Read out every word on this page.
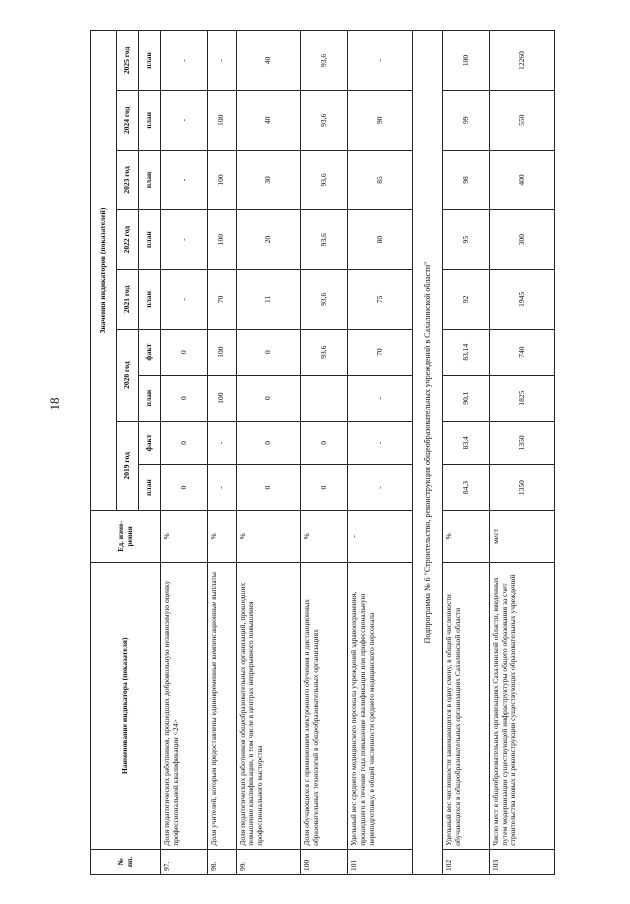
18
№ пп.	Наименование индикатора (показателя)	Ед. изме-рения	Значения индикаторов (показателей)								
			2019 год		2020 год		2021 год	2022 год	2023 год	2024 год	2025 год
			план	факт	план	факт	план	план	план	план	план
97.	Доля педагогических работников, прошедших добровольную независимую оценку профессиональной квалификации <24>	%	0	0	0	0	-	-	-	-	-
98.	Доля учителей, которым предоставлены единовременные компенсационные выплаты	%	-	-	100	100	70	100	100	100	-
99.	Доля педагогических работников общеобразовательных организаций, прошедших повышение квалификации, в том числе в центрах непрерывного повышения профессионального мастерства	%	0	0	0	0	11	20	30	40	40
100	Доля обучающихся с применением электронного обучения и дистанционных образовательных технологий в общеобразовательных организациях	%	0	0		93,6	93,6	93,6	93,6	93,6	93,6
101	Удельный вес среднего медицинского персонала учреждений здравоохранения, прошедшего в течение года повышение квалификации или профессиональную переподготовку, в общей численности среднего медицинского персонала	-	-	-	-	70	75	80	85	90	-
Подпрограмма № 6 "Строительство, реконструкция общеобразовательных учреждений в Сахалинской области"											
102	Удельный вес численности занимающихся в одну смену, в общей численности обучающихся в общеобразовательных организациях Сахалинской области	%	84,3	83,4	90,1	83,14	92	95	98	99	100
103	Число мест в общеобразовательных организациях Сахалинской области, введенных путем модернизации существующей инфраструктуры общего образования за счет строительства новых и реконструкции существующих образовательных учреждений	мест	1350	1350	1825	740	1945	300	400	550	12260
